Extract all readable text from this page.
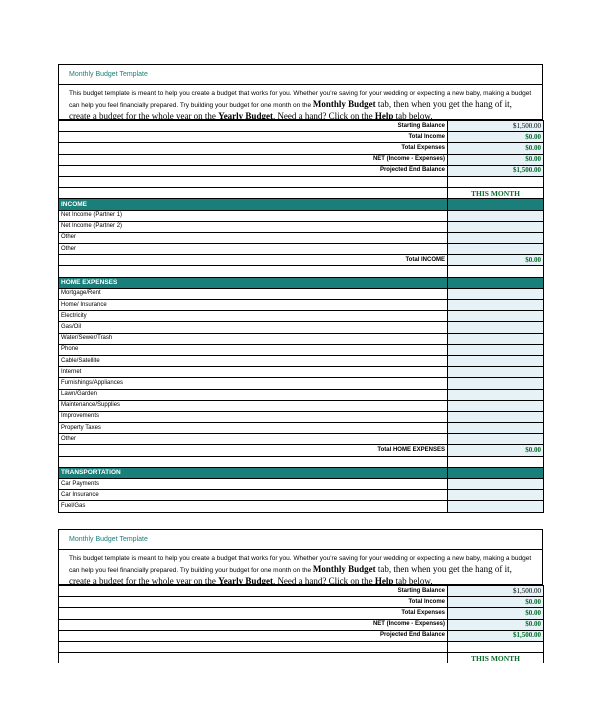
Monthly Budget Template
This budget template is meant to help you create a budget that works for you. Whether you're saving for your wedding or expecting a new baby, making a budget can help you feel financially prepared. Try building your budget for one month on the Monthly Budget tab, then when you get the hang of it, create a budget for the whole year on the Yearly Budget. Need a hand? Click on the Help tab below.
Starting Balance	$1,500.00
Total Income	$0.00
Total Expenses	$0.00
NET (Income - Expenses)	$0.00
Projected End Balance	$1,500.00

	THIS MONTH
INCOME	
Net Income (Partner 1)	
Net Income (Partner 2)	
Other	
Other	
Total INCOME	$0.00

HOME EXPENSES	
Mortgage/Rent	
Home/ Insurance	
Electricity	
Gas/Oil	
Water/Sewer/Trash	
Phone	
Cable/Satellite	
Internet	
Furnishings/Appliances	
Lawn/Garden	
Maintenance/Supplies	
Improvements	
Property Taxes	
Other	
Total HOME EXPENSES	$0.00

TRANSPORTATION	
Car Payments	
Car Insurance	
Fuel/Gas	
Monthly Budget Template
This budget template is meant to help you create a budget that works for you. Whether you're saving for your wedding or expecting a new baby, making a budget can help you feel financially prepared. Try building your budget for one month on the Monthly Budget tab, then when you get the hang of it, create a budget for the whole year on the Yearly Budget. Need a hand? Click on the Help tab below.
Starting Balance	$1,500.00
Total Income	$0.00
Total Expenses	$0.00
NET (Income - Expenses)	$0.00
Projected End Balance	$1,500.00

	THIS MONTH
